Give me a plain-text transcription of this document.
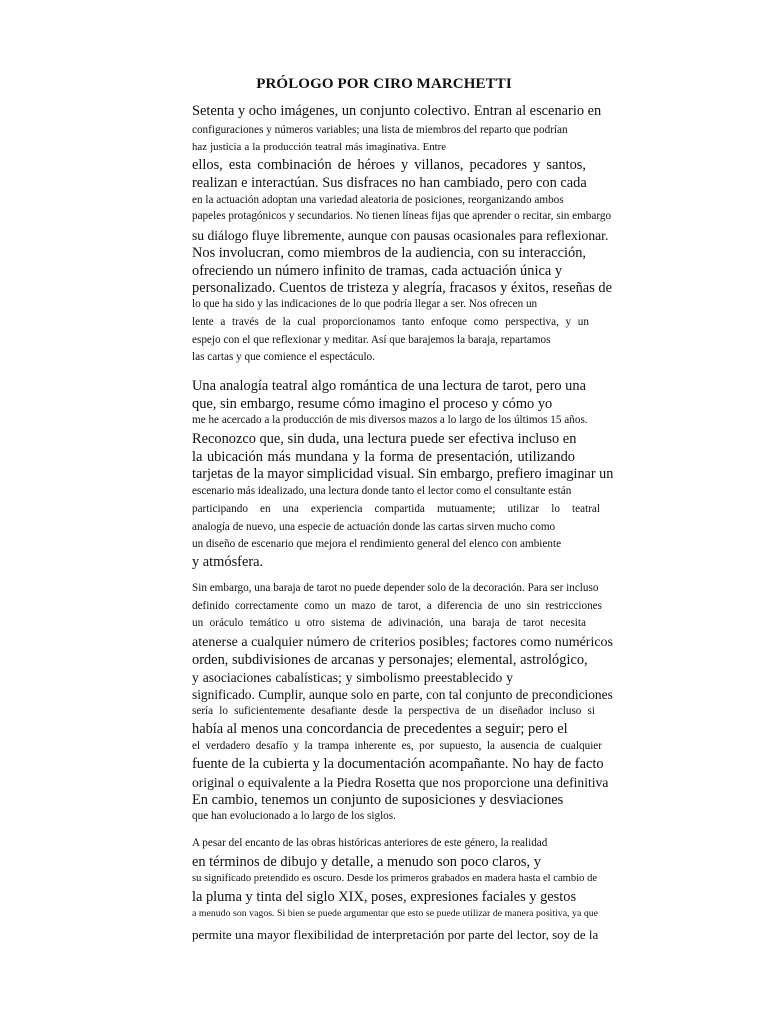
PRÓLOGO POR CIRO MARCHETTI
Setenta y ocho imágenes, un conjunto colectivo. Entran al escenario en
configuraciones y números variables; una lista de miembros del reparto que podrían
haz justicia a la producción teatral más imaginativa. Entre
ellos, esta combinación de héroes y villanos, pecadores y santos,
realizan e interactúan. Sus disfraces no han cambiado, pero con cada
en la actuación adoptan una variedad aleatoria de posiciones, reorganizando ambos
papeles protagónicos y secundarios. No tienen líneas fijas que aprender o recitar, sin embargo
su diálogo fluye libremente, aunque con pausas ocasionales para reflexionar.
Nos involucran, como miembros de la audiencia, con su interacción,
ofreciendo un número infinito de tramas, cada actuación única y
personalizado. Cuentos de tristeza y alegría, fracasos y éxitos, reseñas de
lo que ha sido y las indicaciones de lo que podría llegar a ser. Nos ofrecen un
lente a través de la cual proporcionamos tanto enfoque como perspectiva, y un
espejo con el que reflexionar y meditar. Así que barajemos la baraja, repartamos
las cartas y que comience el espectáculo.
Una analogía teatral algo romántica de una lectura de tarot, pero una
que, sin embargo, resume cómo imagino el proceso y cómo yo
me he acercado a la producción de mis diversos mazos a lo largo de los últimos 15 años.
Reconozco que, sin duda, una lectura puede ser efectiva incluso en
la ubicación más mundana y la forma de presentación, utilizando
tarjetas de la mayor simplicidad visual. Sin embargo, prefiero imaginar un
escenario más idealizado, una lectura donde tanto el lector como el consultante están
participando en una experiencia compartida mutuamente; utilizar lo teatral
analogía de nuevo, una especie de actuación donde las cartas sirven mucho como
un diseño de escenario que mejora el rendimiento general del elenco con ambiente
y atmósfera.
Sin embargo, una baraja de tarot no puede depender solo de la decoración. Para ser incluso
definido correctamente como un mazo de tarot, a diferencia de uno sin restricciones
un oráculo temático u otro sistema de adivinación, una baraja de tarot necesita
atenerse a cualquier número de criterios posibles; factores como numéricos
orden, subdivisiones de arcanas y personajes; elemental, astrológico,
y asociaciones cabalísticas; y simbolismo preestablecido y
significado. Cumplir, aunque solo en parte, con tal conjunto de precondiciones
sería lo suficientemente desafiante desde la perspectiva de un diseñador incluso si
había al menos una concordancia de precedentes a seguir; pero el
el verdadero desafío y la trampa inherente es, por supuesto, la ausencia de cualquier
fuente de la cubierta y la documentación acompañante. No hay de facto
original o equivalente a la Piedra Rosetta que nos proporcione una definitiva
En cambio, tenemos un conjunto de suposiciones y desviaciones
que han evolucionado a lo largo de los siglos.
A pesar del encanto de las obras históricas anteriores de este género, la realidad
en términos de dibujo y detalle, a menudo son poco claros, y
su significado pretendido es oscuro. Desde los primeros grabados en madera hasta el cambio de
la pluma y tinta del siglo XIX, poses, expresiones faciales y gestos
a menudo son vagos. Si bien se puede argumentar que esto se puede utilizar de manera positiva, ya que
permite una mayor flexibilidad de interpretación por parte del lector, soy de la
